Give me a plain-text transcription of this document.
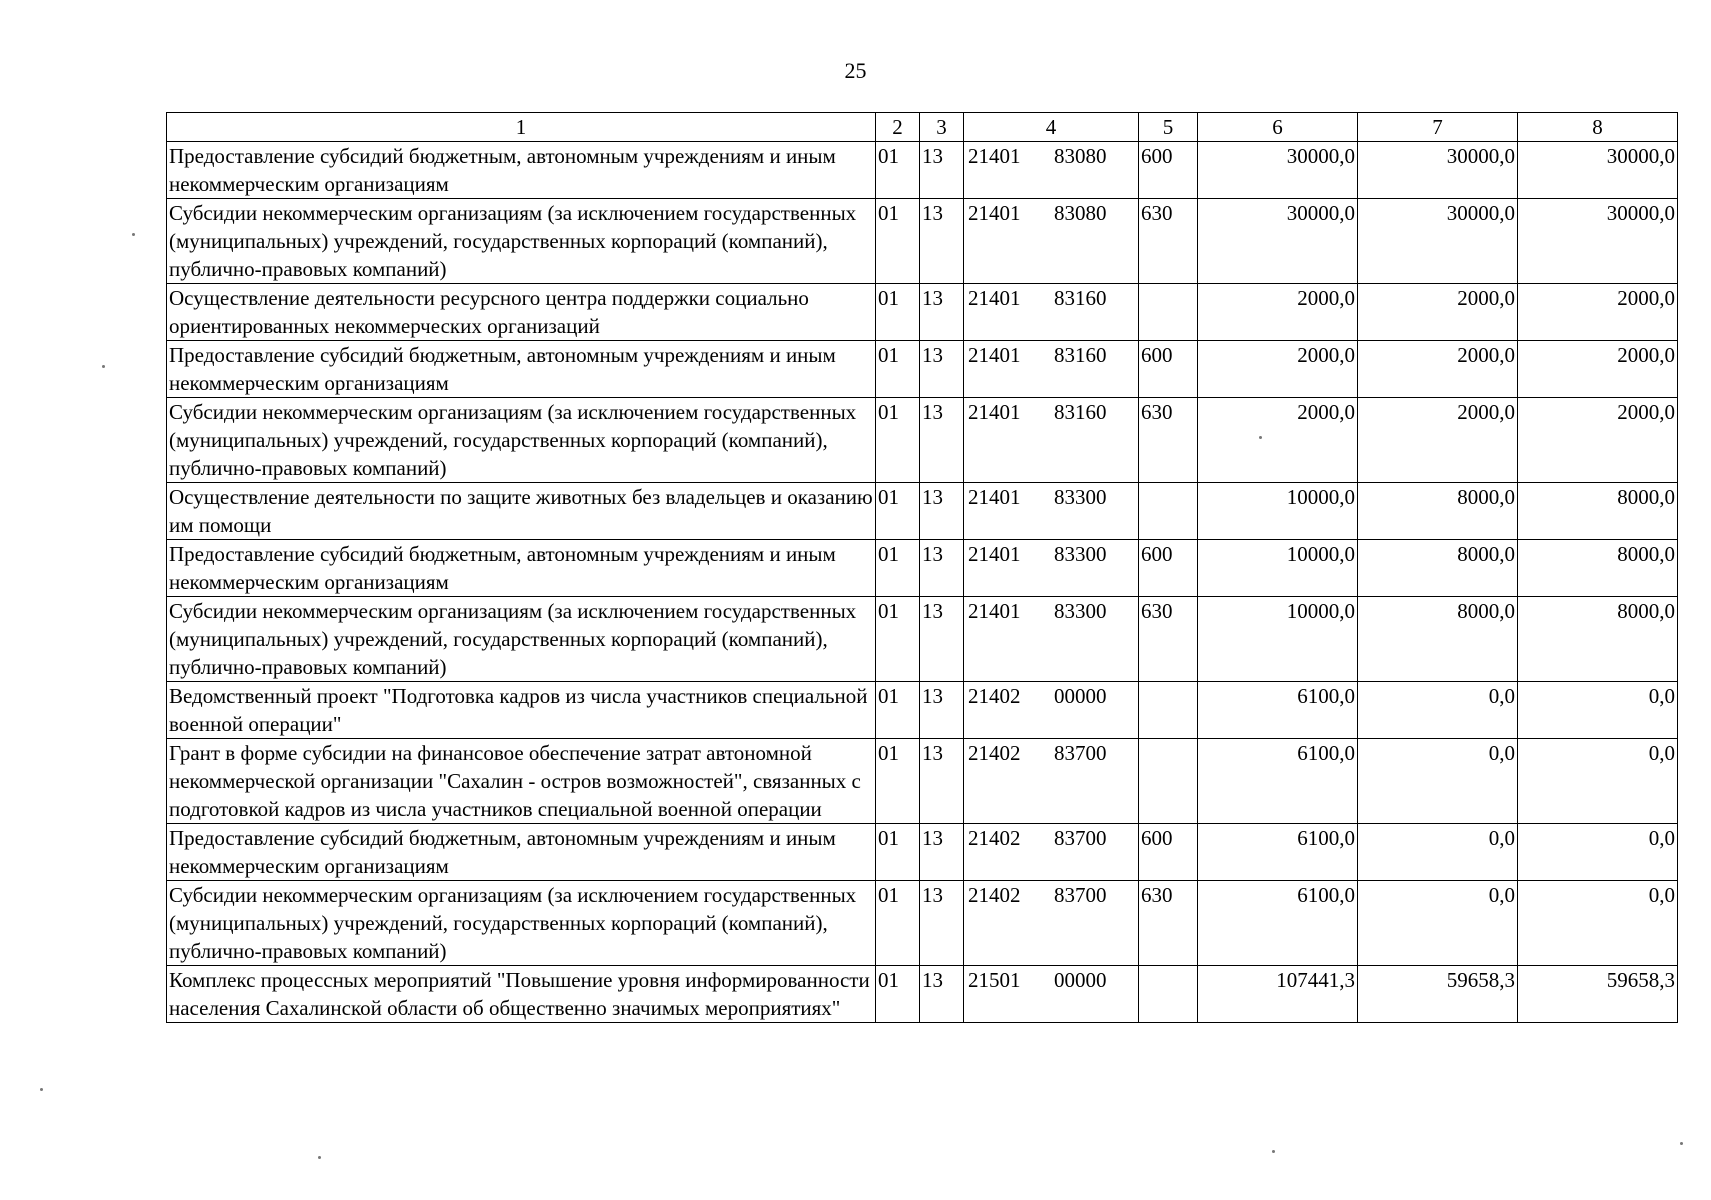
25
1	2	3	4	5	6	7	8
Предоставление субсидий бюджетным, автономным учреждениям и иным некоммерческим организациям	01	13	21401 83080	600	30000,0	30000,0	30000,0
Субсидии некоммерческим организациям (за исключением государственных (муниципальных) учреждений, государственных корпораций (компаний), публично-правовых компаний)	01	13	21401 83080	630	30000,0	30000,0	30000,0
Осуществление деятельности ресурсного центра поддержки социально ориентированных некоммерческих организаций	01	13	21401 83160		2000,0	2000,0	2000,0
Предоставление субсидий бюджетным, автономным учреждениям и иным некоммерческим организациям	01	13	21401 83160	600	2000,0	2000,0	2000,0
Субсидии некоммерческим организациям (за исключением государственных (муниципальных) учреждений, государственных корпораций (компаний), публично-правовых компаний)	01	13	21401 83160	630	2000,0	2000,0	2000,0
Осуществление деятельности по защите животных без владельцев и оказанию им помощи	01	13	21401 83300		10000,0	8000,0	8000,0
Предоставление субсидий бюджетным, автономным учреждениям и иным некоммерческим организациям	01	13	21401 83300	600	10000,0	8000,0	8000,0
Субсидии некоммерческим организациям (за исключением государственных (муниципальных) учреждений, государственных корпораций (компаний), публично-правовых компаний)	01	13	21401 83300	630	10000,0	8000,0	8000,0
Ведомственный проект "Подготовка кадров из числа участников специальной военной операции"	01	13	21402 00000		6100,0	0,0	0,0
Грант в форме субсидии на финансовое обеспечение затрат автономной некоммерческой организации "Сахалин - остров возможностей", связанных с подготовкой кадров из числа участников специальной военной операции	01	13	21402 83700		6100,0	0,0	0,0
Предоставление субсидий бюджетным, автономным учреждениям и иным некоммерческим организациям	01	13	21402 83700	600	6100,0	0,0	0,0
Субсидии некоммерческим организациям (за исключением государственных (муниципальных) учреждений, государственных корпораций (компаний), публично-правовых компаний)	01	13	21402 83700	630	6100,0	0,0	0,0
Комплекс процессных мероприятий "Повышение уровня информированности населения Сахалинской области об общественно значимых мероприятиях"	01	13	21501 00000		107441,3	59658,3	59658,3
